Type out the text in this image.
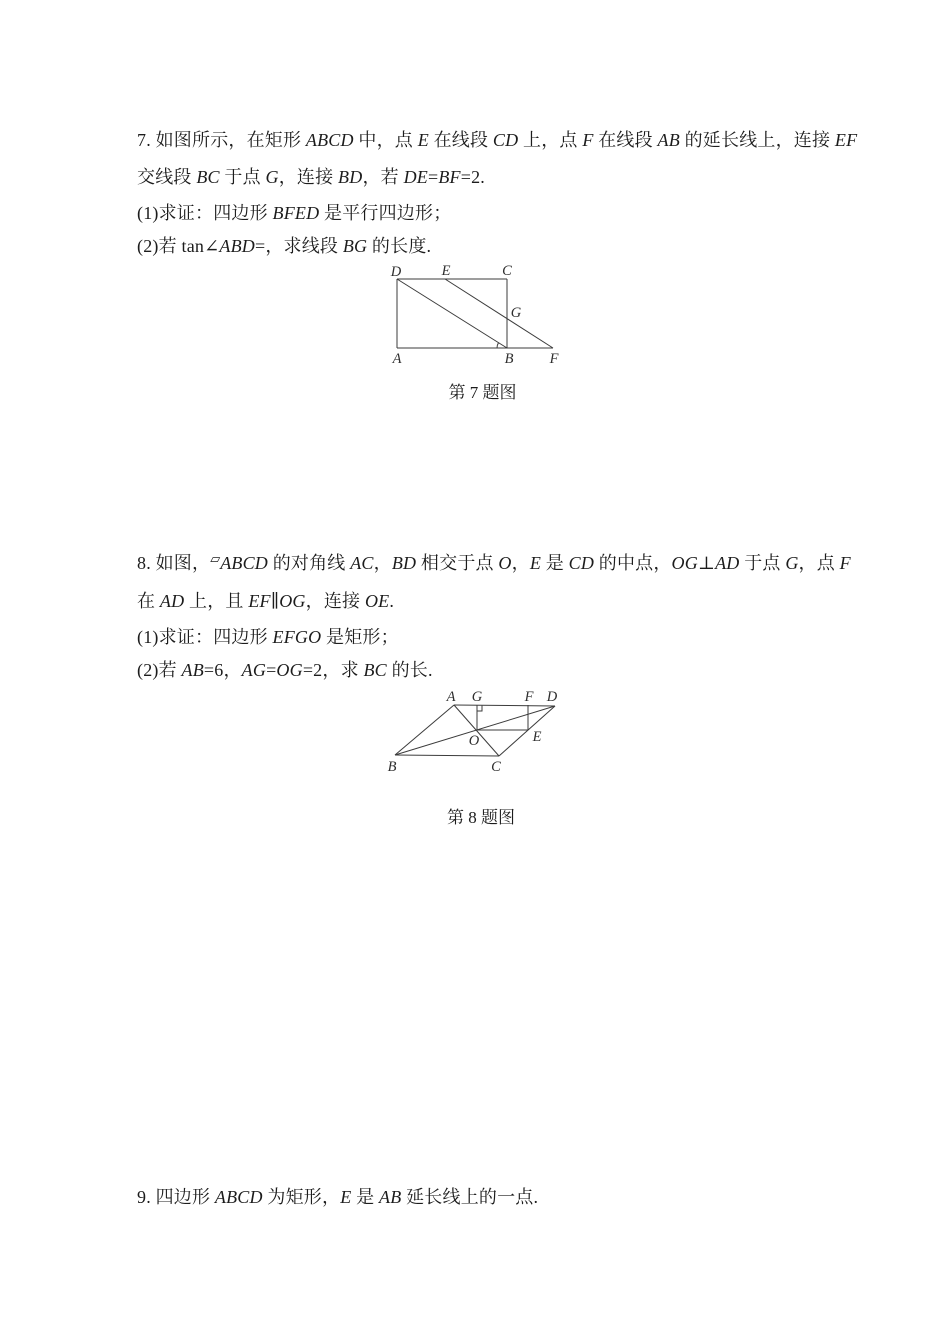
7. 如图所示，在矩形 ABCD 中，点 E 在线段 CD 上，点 F 在线段 AB 的延长线上，连接 EF
交线段 BC 于点 G，连接 BD，若 DE=BF=2.
(1)求证：四边形 BFED 是平行四边形；
(2)若 tan∠ABD=，求线段 BG 的长度.
D	E	C
G
A	B F
第 7 题图
8. 如图，▱ABCD 的对角线 AC，BD 相交于点 O，E 是 CD 的中点，OG⊥AD 于点 G，点 F
在 AD 上，且 EF∥OG，连接 OE.
(1)求证：四边形 EFGO 是矩形；
(2)若 AB=6，AG=OG=2，求 BC 的长.
A G	F D
B	C
O	E
第 8 题图
9. 四边形 ABCD 为矩形，E 是 AB 延长线上的一点.
